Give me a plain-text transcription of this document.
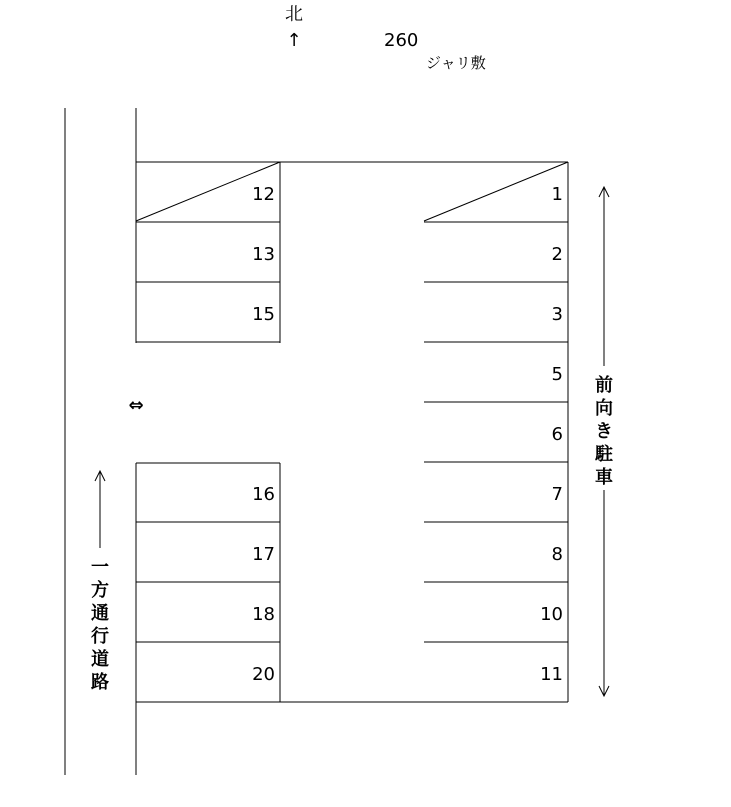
北
↑	260
ジャリ敷
12
13
15
16
17
18
20
1
2
3
5
6
7
8
10
11
⇔
一
方
通
行
道
路
前
向
き
駐
車
